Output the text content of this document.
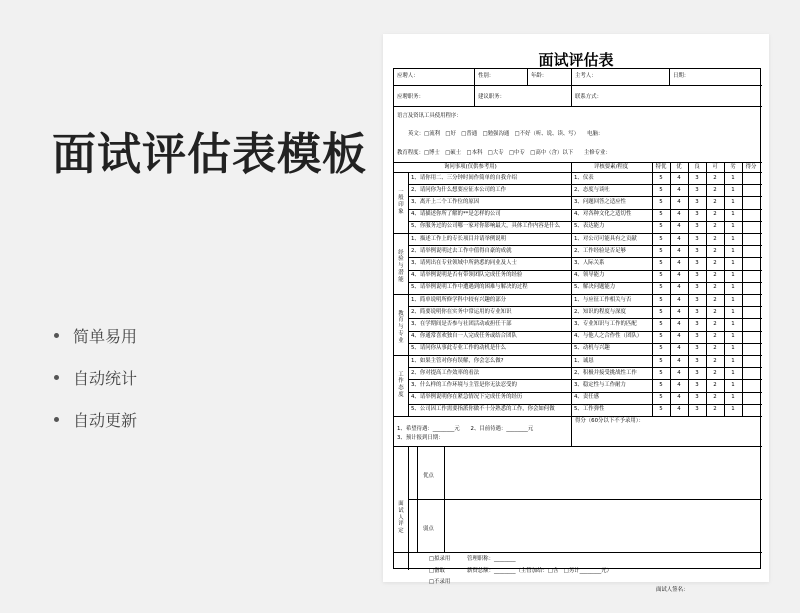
面试评估表模板
简单易用
自动统计
自动更新
面试评估表
应聘人：	性别：	年龄：	主考人：	日期：
应聘职务：	建议职务：	联系方式：
语言及资讯工具使用程序：
英文：□流利　□好　□普通　□勉强沟通　□不好（听、说、读、写）　　电脑：
教育程度：□博士　□硕士　□本科　□大专　□中专　□高中（含）以下　　主修专业：
询问事项(仅供参考用)	评核要素/程度	特优	优	良	可	劣	得分
一般印象
1、请你用二、三分钟时间作简单的自我介绍	1、仪表	5	4	3	2	1
2、请问你为什么想要应征本公司的工作	2、态度与谈吐	5	4	3	2	1
3、离开上二个工作位的原因	3、问题回答之适应性	5	4	3	2	1
4、请描述你所了解的**是怎样的公司	4、对各种文化之适切性	5	4	3	2	1
5、你服务过的公司哪一家对你影响最大，具体工作内容是什么	5、表达能力	5	4	3	2	1
经验与潜能
1、描述工作上的专长项目并请举例说明	1、对公司可能具有之贡献	5	4	3	2	1
2、请举例说明过去工作中值得自豪的成就	2、工作经验是否足够	5	4	3	2	1
3、请列出在专业领域中所熟悉的同业及人士	3、人际关系	5	4	3	2	1
4、请举例说明是否有带领团队完成任务的经验	4、领导能力	5	4	3	2	1
5、请举例说明工作中遭遇到的困难与解决的过程	5、解决问题能力	5	4	3	2	1
教育与专业
1、简单说明所修学科中较有兴趣的部分	1、与应征工作相关与否	5	4	3	2	1
2、简要说明你在实务中常运用的专业知识	2、知识的程度与深度	5	4	3	2	1
3、在学期间是否参与社团活动或担任干部	3、专业知识与工作的匹配	5	4	3	2	1
4、你通常喜欢独自一人完成任务或结合团队	4、与他人之合作性（团队）	5	4	3	2	1
5、请问你从事此专业工作的动机是什么	5、动机与兴趣	5	4	3	2	1
工作态度
1、如果主管对你有误解，你会怎么做?	1、诚恳	5	4	3	2	1
2、你对提高工作效率的看法	2、积极并接受挑战性工作	5	4	3	2	1
3、什么样的工作环境与主管是你无法忍受的	3、稳定性与工作耐力	5	4	3	2	1
4、请举例说明你在紧急情况下完成任务的经历	4、责任感	5	4	3	2	1
5、公司因工作需要指派你做不十分熟悉的工作，你会如何做	5、工作弹性	5	4	3	2	1
1、希望待遇：________元　　2、目前待遇：________元
3、预计报到日期：
得分（60分以下不予录用）：
面试人评定
优点
弱点
□拟录用
□备取
□不录用
管理职称：________
薪资总额：________（主管加给：□含　□另计________元）
面试人签名：
